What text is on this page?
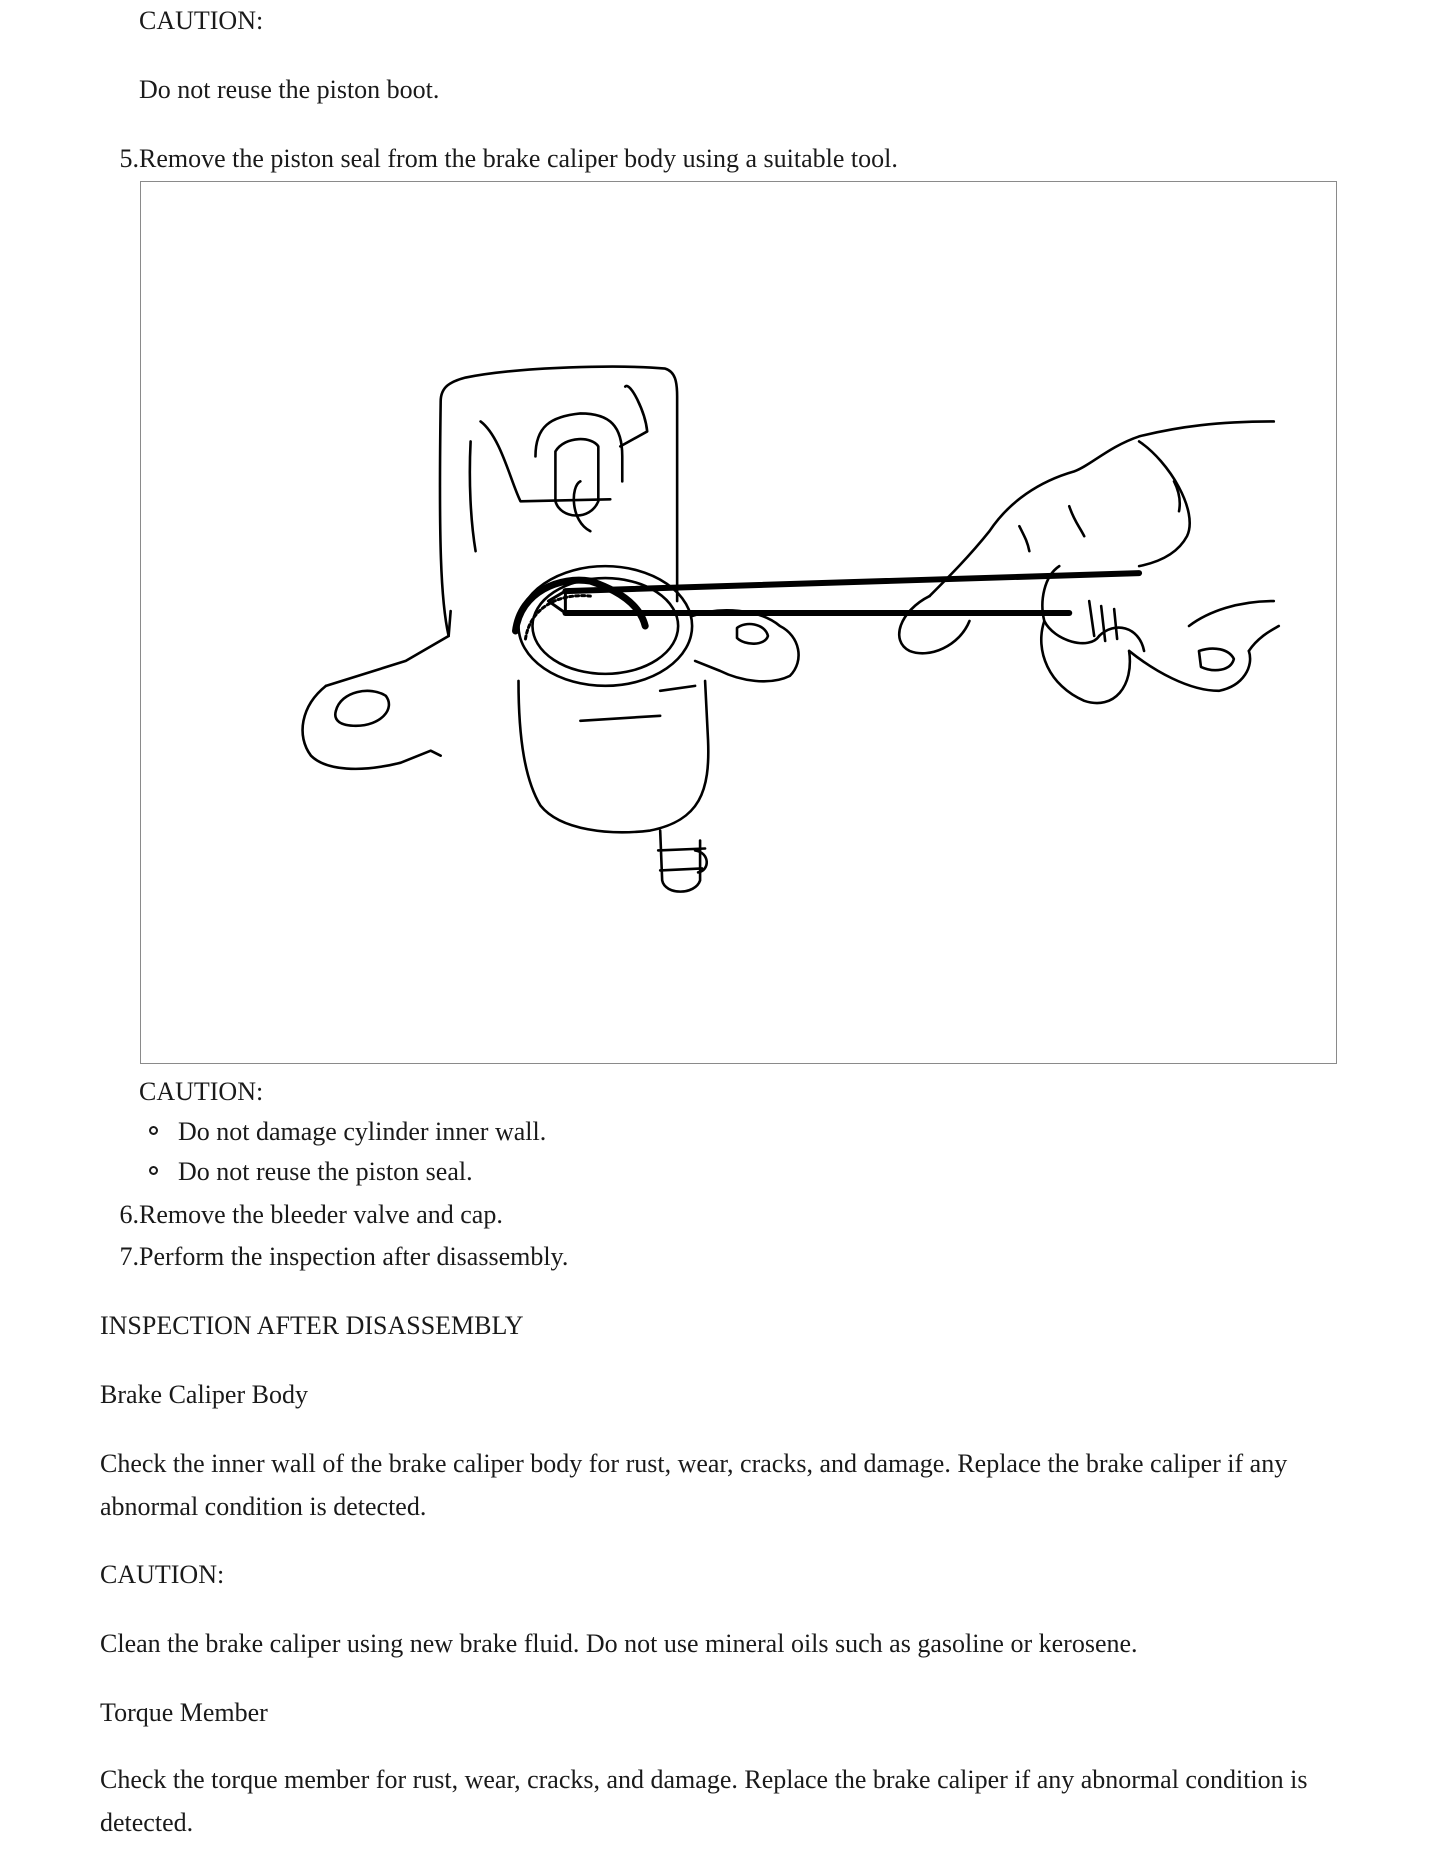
CAUTION:
Do not reuse the piston boot.
5. Remove the piston seal from the brake caliper body using a suitable tool.
CAUTION:
Do not damage cylinder inner wall.
Do not reuse the piston seal.
6. Remove the bleeder valve and cap.
7. Perform the inspection after disassembly.
INSPECTION AFTER DISASSEMBLY
Brake Caliper Body
Check the inner wall of the brake caliper body for rust, wear, cracks, and damage. Replace the brake caliper if any abnormal condition is detected.
CAUTION:
Clean the brake caliper using new brake fluid. Do not use mineral oils such as gasoline or kerosene.
Torque Member
Check the torque member for rust, wear, cracks, and damage. Replace the brake caliper if any abnormal condition is detected.
